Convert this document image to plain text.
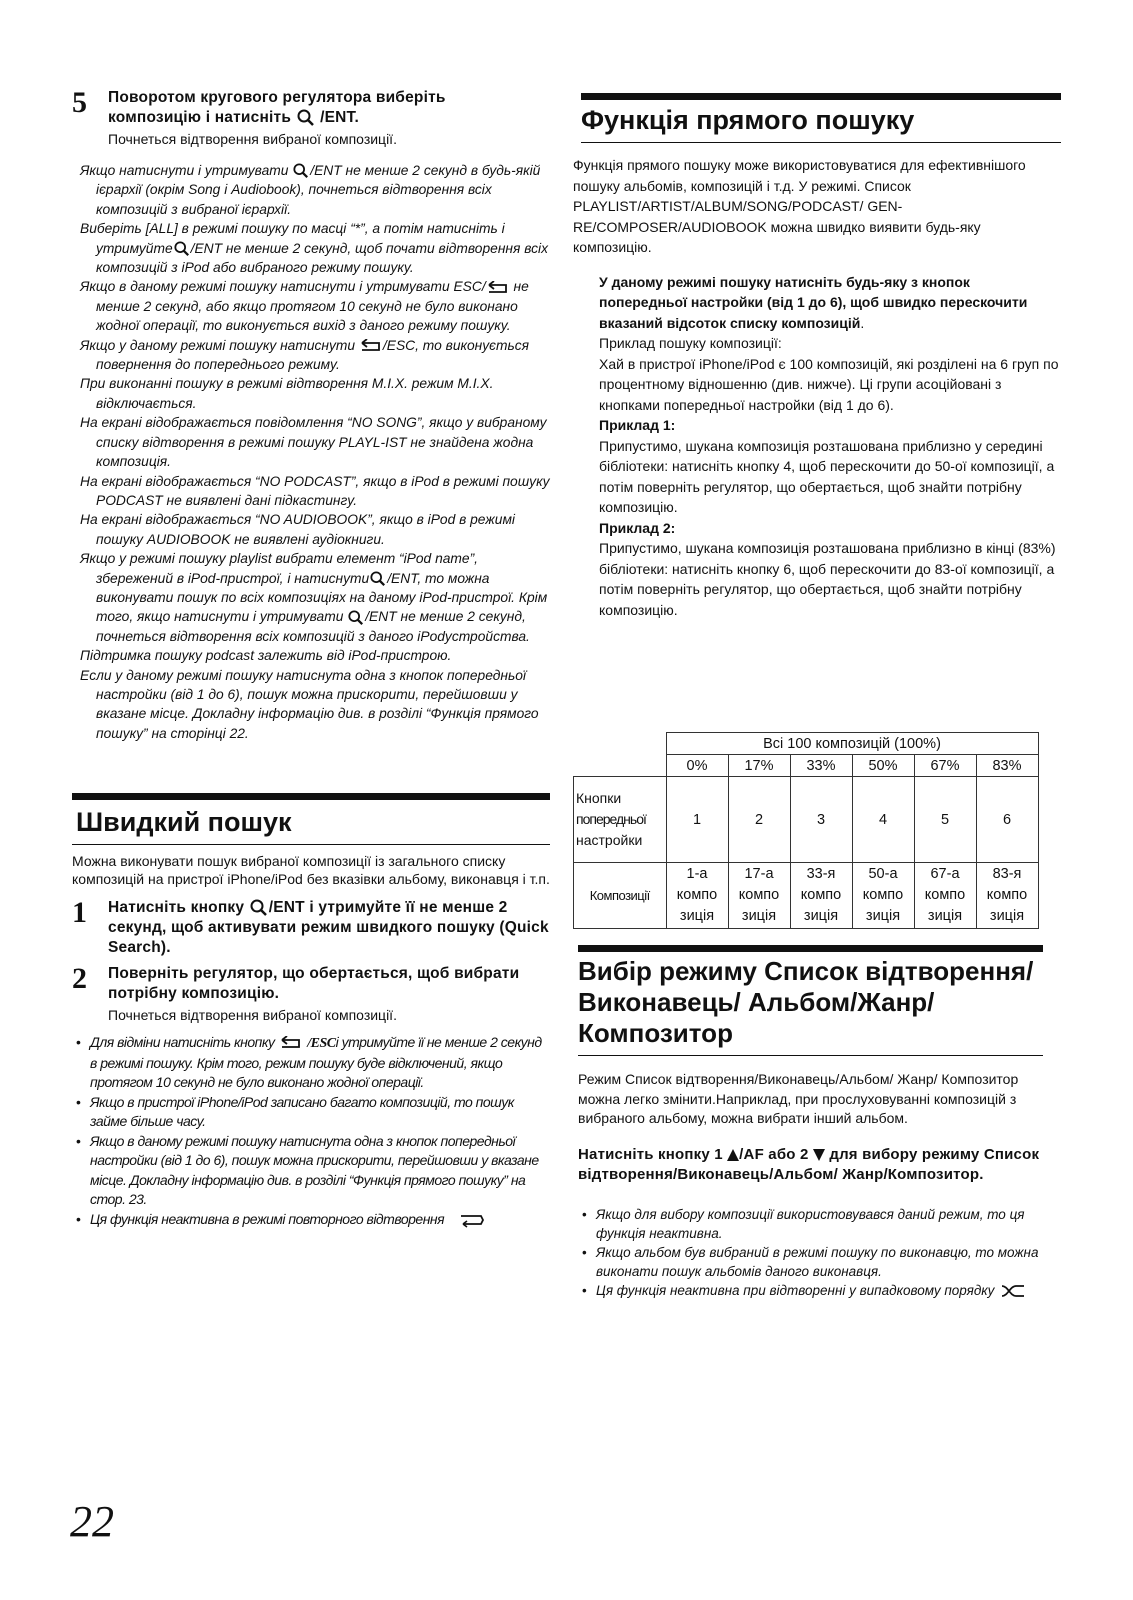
5	Поворотом кругового регулятора виберіть
композицію і натисніть /ENT.
Почнеться відтворення вибраної композиції.

Якщо натиснути і утримувати /ENT не менше 2 секунд в будь-якій ієрархії (окрім Song і Audiobook), почнеться відтворення всіх композицій з вибраної ієрархії.

Виберіть [ALL] в режимі пошуку по масці “*”, а потім натисніть і утримуйте /ENT не менше 2 секунд, щоб почати відтворення всіх композицій з iPod або вибраного режиму пошуку.

Якщо в даному режимі пошуку натиснути і утримувати ESC/ не менше 2 секунд, або якщо протягом 10 секунд не було виконано жодної операції, то виконується вихід з даного режиму пошуку.

Якщо у даному режимі пошуку натиснути /ESC, то виконується повернення до попереднього режиму.

При виконанні пошуку в режимі відтворення M.I.X. режим M.I.X. відключається.

На екрані відображається повідомлення “NO SONG”, якщо у вибраному списку відтворення в режимі пошуку PLAYL-IST не знайдена жодна композиція.

На екрані відображається “NO PODCAST”, якщо в iPod в режимі пошуку PODCAST не виявлені дані підкастингу.

На екрані відображається “NO AUDIOBOOK”, якщо в iPod в режимі пошуку AUDIOBOOK не виявлені аудіокниги.

Якщо у режимі пошуку playlist вибрати елемент “iPod name”, збережений в iPod-пристрої, і натиснути /ENT, то можна виконувати пошук по всіх композиціях на даному iPod-пристрої. Крім того, якщо натиснути і утримувати /ENT не менше 2 секунд, почнеться відтворення всіх композицій з даного iPodустройства.

Підтримка пошуку podcast залежить від iPod-пристрою.

Если у даному режимі пошуку натиснута одна з кнопок попередньої настройки (від 1 до 6), пошук можна прискорити, перейшовши у вказане місце. Докладну інформацію див. в розділі “Функція прямого пошуку” на сторінці 22.

Швидкий пошук
Можна виконувати пошук вибраної композиції із загального списку композицій на пристрої iPhone/iPod без вказівки альбому, виконавця і т.п.
1	Натисніть кнопку /ENT і утримуйте її не менше 2 секунд, щоб активувати режим швидкого пошуку (Quick Search).
2	Поверніть регулятор, що обертається, щоб вибрати потрібну композицію.
Почнеться відтворення вибраної композиції.
• Для відміни натисніть кнопку /ESCі утримуйте її не менше 2 секунд в режимі пошуку. Крім того, режим пошуку буде відключений, якщо протягом 10 секунд не було виконано жодної операції.
• Якщо в пристрої iPhone/iPod записано багато композицій, то пошук займе більше часу.
• Якщо в даному режимі пошуку натиснута одна з кнопок попередньої настройки (від 1 до 6), пошук можна прискорити, перейшовши у вказане місце. Докладну інформацію див. в розділі “Функція прямого пошуку” на стор. 23.
• Ця функція неактивна в режимі повторного відтворення
Функція прямого пошуку
Функція прямого пошуку може використовуватися для ефективнішого пошуку альбомів, композицій і т.д. У режимі. Список PLAYLIST/ARTIST/ALBUM/SONG/PODCAST/ GEN-RE/COMPOSER/AUDIOBOOK можна швидко виявити будь-яку композицію.
У даному режимі пошуку натисніть будь-яку з кнопок попередньої настройки (від 1 до 6), щоб швидко перескочити вказаний відсоток списку композицій.
Приклад пошуку композиції:
Хай в пристрої iPhone/iPod є 100 композицій, які розділені на 6 груп по процентному відношенню (див. нижче). Ці групи асоційовані з кнопками попередньої настройки (від 1 до 6).
Приклад 1:
Припустимо, шукана композиція розташована приблизно у середині бібліотеки: натисніть кнопку 4, щоб перескочити до 50-ої композиції, а потім поверніть регулятор, що обертається, щоб знайти потрібну композицію.
Приклад 2:
Припустимо, шукана композиція розташована приблизно в кінці (83%) бібліотеки: натисніть кнопку 6, щоб перескочити до 83-ої композиції, а потім поверніть регулятор, що обертається, щоб знайти потрібну композицію.
	Всі 100 композицій (100%)					
	0%	17%	33%	50%	67%	83%
Кнопки
попередньої
настройки	1	2	3	4	5	6
Композиції	1-а
компо
зиція	17-а
компо
зиція	33-я
компо
зиція	50-а
компо
зиція	67-а
компо
зиція	83-я
компо
зиція
Вибір режиму Список відтворення/Виконавець/ Альбом/Жанр/Композитор
Режим Список відтворення/Виконавець/Альбом/ Жанр/ Композитор можна легко змінити.Наприклад, при прослуховуванні композицій з вибраного альбому, можна вибрати інший альбом.
Натисніть кнопку 1 /AF або 2 для вибору режиму Список відтворення/Виконавець/Альбом/ Жанр/Композитор.
• Якщо для вибору композиції використовувався даний режим, то ця функція неактивна.
• Якщо альбом був вибраний в режимі пошуку по виконавцю, то можна виконати пошук альбомів даного виконавця.
• Ця функція неактивна при відтворенні у випадковому порядку
22
